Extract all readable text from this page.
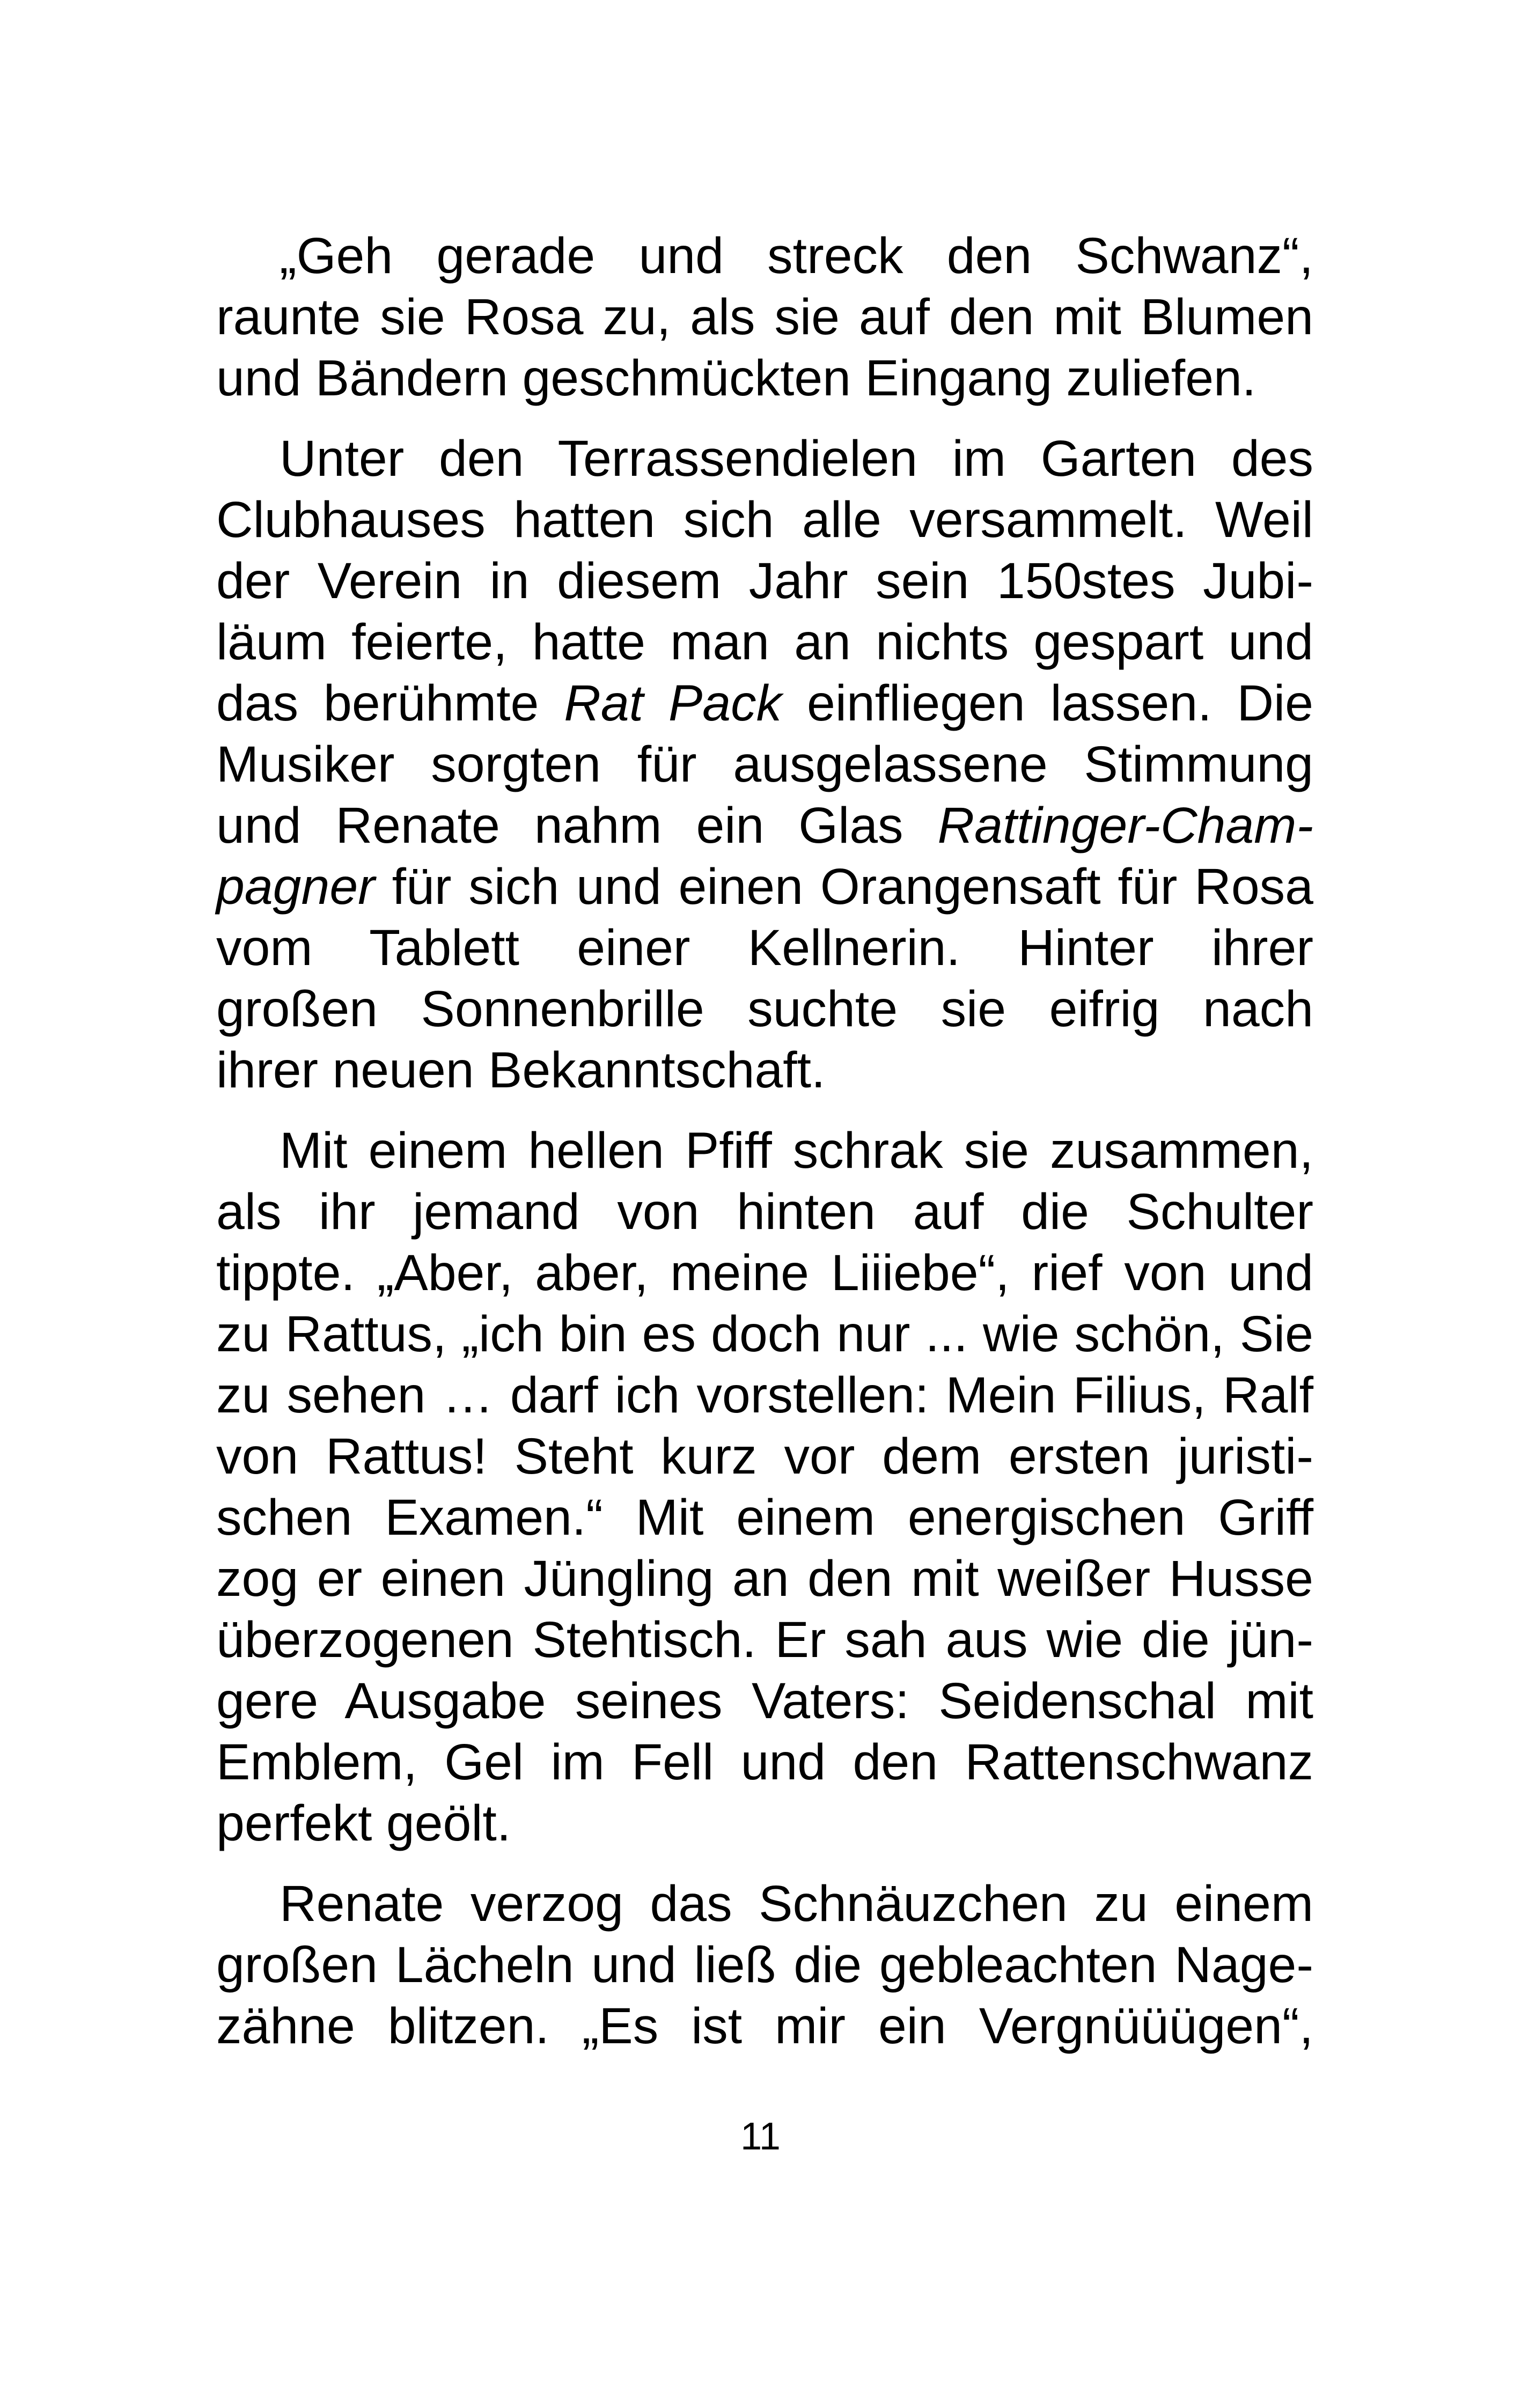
„Geh gerade und streck den Schwanz“,
raunte sie Rosa zu, als sie auf den mit Blumen
und Bändern geschmückten Eingang zuliefen.
Unter den Terrassendielen im Garten des
Clubhauses hatten sich alle versammelt. Weil
der Verein in diesem Jahr sein 150stes Jubi-
läum feierte, hatte man an nichts gespart und
das berühmte Rat Pack einfliegen lassen. Die
Musiker sorgten für ausgelassene Stimmung
und Renate nahm ein Glas Rattinger-Cham-
pagner für sich und einen Orangensaft für Rosa
vom Tablett einer Kellnerin. Hinter ihrer
großen Sonnenbrille suchte sie eifrig nach
ihrer neuen Bekanntschaft.
Mit einem hellen Pfiff schrak sie zusammen,
als ihr jemand von hinten auf die Schulter
tippte. „Aber, aber, meine Liiiebe“, rief von und
zu Rattus, „ich bin es doch nur ... wie schön, Sie
zu sehen … darf ich vorstellen: Mein Filius, Ralf
von Rattus! Steht kurz vor dem ersten juristi-
schen Examen.“ Mit einem energischen Griff
zog er einen Jüngling an den mit weißer Husse
überzogenen Stehtisch. Er sah aus wie die jün-
gere Ausgabe seines Vaters: Seidenschal mit
Emblem, Gel im Fell und den Rattenschwanz
perfekt geölt.
Renate verzog das Schnäuzchen zu einem
großen Lächeln und ließ die gebleachten Nage-
zähne blitzen. „Es ist mir ein Vergnüüügen“,
11
